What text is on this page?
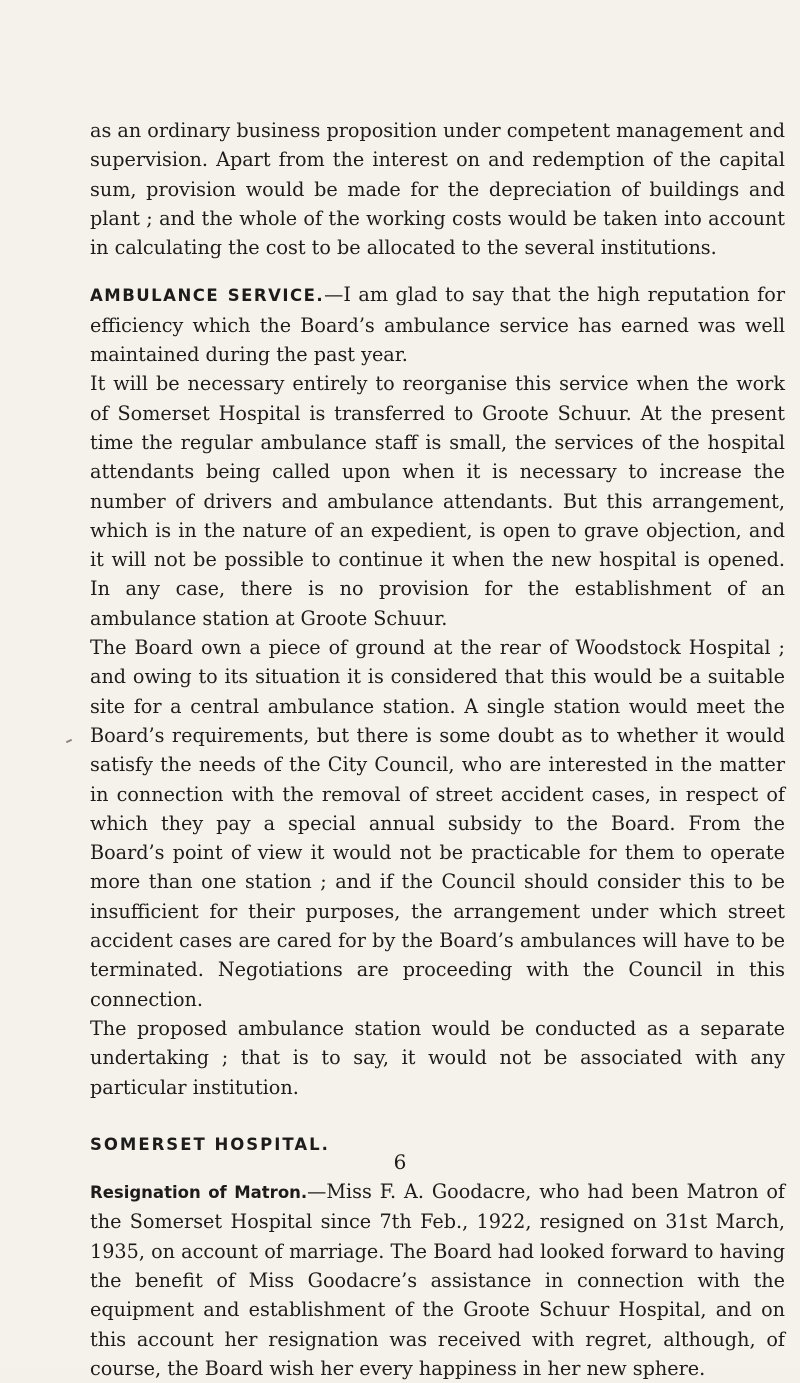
as an ordinary business proposition under competent management and supervision. Apart from the interest on and redemption of the capital sum, provision would be made for the depreciation of buildings and plant ; and the whole of the working costs would be taken into account in calculating the cost to be allocated to the several institutions.

AMBULANCE SERVICE.—I am glad to say that the high reputation for efficiency which the Board’s ambulance service has earned was well maintained during the past year.

It will be necessary entirely to reorganise this service when the work of Somerset Hospital is transferred to Groote Schuur. At the present time the regular ambulance staff is small, the services of the hospital attendants being called upon when it is necessary to increase the number of drivers and ambulance attendants. But this arrangement, which is in the nature of an expedient, is open to grave objection, and it will not be possible to continue it when the new hospital is opened. In any case, there is no provision for the establishment of an ambulance station at Groote Schuur.

The Board own a piece of ground at the rear of Woodstock Hospital ; and owing to its situation it is considered that this would be a suitable site for a central ambulance station. A single station would meet the Board’s requirements, but there is some doubt as to whether it would satisfy the needs of the City Council, who are interested in the matter in connection with the removal of street accident cases, in respect of which they pay a special annual subsidy to the Board. From the Board’s point of view it would not be practicable for them to operate more than one station ; and if the Council should consider this to be insufficient for their purposes, the arrangement under which street accident cases are cared for by the Board’s ambulances will have to be terminated. Negotiations are proceeding with the Council in this connection.

The proposed ambulance station would be conducted as a separate undertaking ; that is to say, it would not be associated with any particular institution.

SOMERSET HOSPITAL.

Resignation of Matron.—Miss F. A. Goodacre, who had been Matron of the Somerset Hospital since 7th Feb., 1922, resigned on 31st March, 1935, on account of marriage. The Board had looked forward to having the benefit of Miss Goodacre’s assistance in connection with the equipment and establishment of the Groote Schuur Hospital, and on this account her resignation was received with regret, although, of course, the Board wish her every happiness in her new sphere.

6
